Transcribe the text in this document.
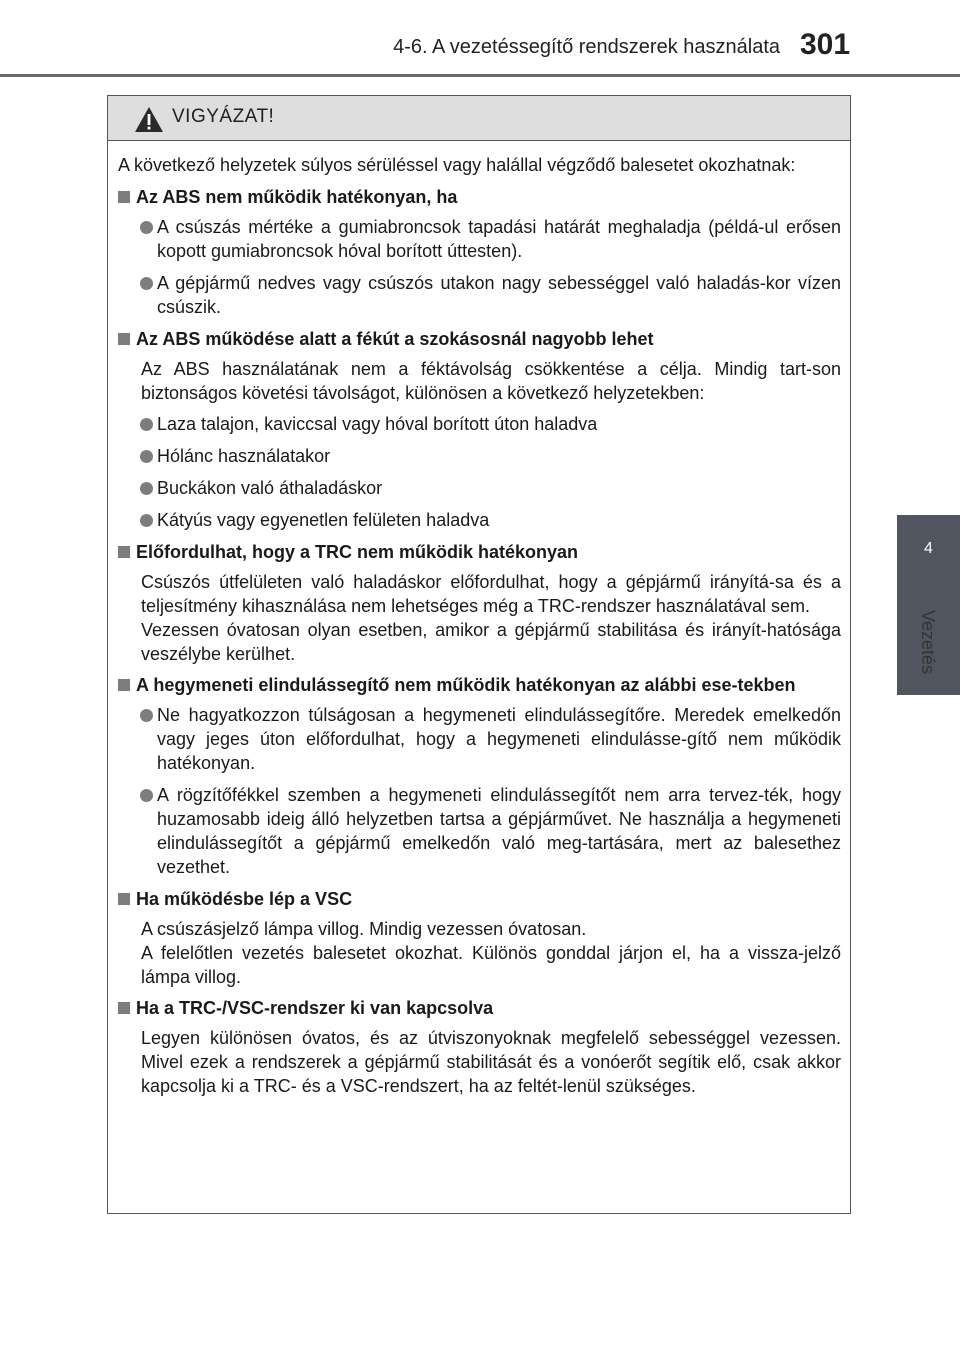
4-6. A vezetéssegítő rendszerek használata 301
4
Vezetés
VIGYÁZAT!

A következő helyzetek súlyos sérüléssel vagy halállal végződő balesetet okozhatnak:

Az ABS nem működik hatékonyan, ha

A csúszás mértéke a gumiabroncsok tapadási határát meghaladja (példá-ul erősen kopott gumiabroncsok hóval borított úttesten).

A gépjármű nedves vagy csúszós utakon nagy sebességgel való haladás-kor vízen csúszik.

Az ABS működése alatt a fékút a szokásosnál nagyobb lehet

Az ABS használatának nem a féktávolság csökkentése a célja. Mindig tart-son biztonságos követési távolságot, különösen a következő helyzetekben:

Laza talajon, kaviccsal vagy hóval borított úton haladva

Hólánc használatakor

Buckákon való áthaladáskor

Kátyús vagy egyenetlen felületen haladva

Előfordulhat, hogy a TRC nem működik hatékonyan

Csúszós útfelületen való haladáskor előfordulhat, hogy a gépjármű irányítá-sa és a teljesítmény kihasználása nem lehetséges még a TRC-rendszer használatával sem.

Vezessen óvatosan olyan esetben, amikor a gépjármű stabilitása és irányít-hatósága veszélybe kerülhet.

A hegymeneti elindulássegítő nem működik hatékonyan az alábbi ese-tekben

Ne hagyatkozzon túlságosan a hegymeneti elindulássegítőre. Meredek emelkedőn vagy jeges úton előfordulhat, hogy a hegymeneti elindulásse-gítő nem működik hatékonyan.

A rögzítőfékkel szemben a hegymeneti elindulássegítőt nem arra tervez-ték, hogy huzamosabb ideig álló helyzetben tartsa a gépjárművet. Ne használja a hegymeneti elindulássegítőt a gépjármű emelkedőn való meg-tartására, mert az balesethez vezethet.

Ha működésbe lép a VSC

A csúszásjelző lámpa villog. Mindig vezessen óvatosan.

A felelőtlen vezetés balesetet okozhat. Különös gonddal járjon el, ha a vissza-jelző lámpa villog.

Ha a TRC-/VSC-rendszer ki van kapcsolva

Legyen különösen óvatos, és az útviszonyoknak megfelelő sebességgel vezessen. Mivel ezek a rendszerek a gépjármű stabilitását és a vonóerőt segítik elő, csak akkor kapcsolja ki a TRC- és a VSC-rendszert, ha az feltét-lenül szükséges.
